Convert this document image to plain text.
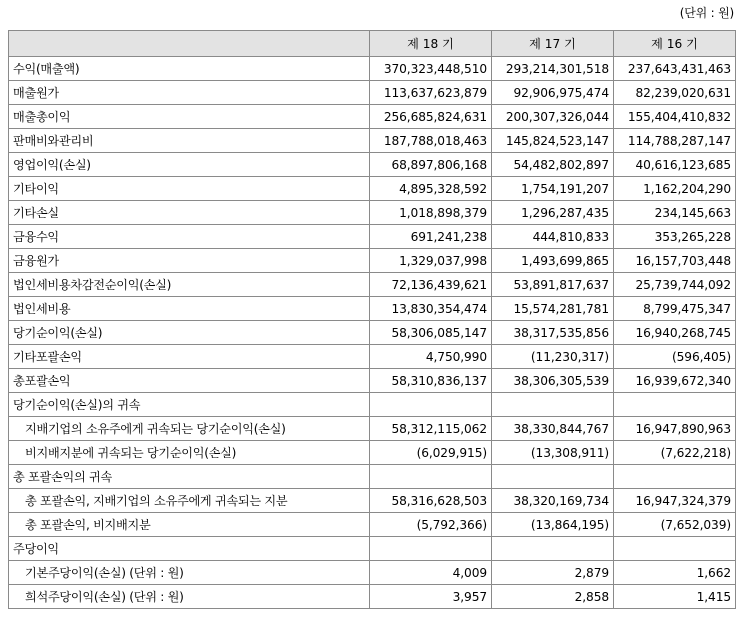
(단위 : 원)
	제 18 기	제 17 기	제 16 기
수익(매출액)	370,323,448,510	293,214,301,518	237,643,431,463
매출원가	113,637,623,879	92,906,975,474	82,239,020,631
매출총이익	256,685,824,631	200,307,326,044	155,404,410,832
판매비와관리비	187,788,018,463	145,824,523,147	114,788,287,147
영업이익(손실)	68,897,806,168	54,482,802,897	40,616,123,685
기타이익	4,895,328,592	1,754,191,207	1,162,204,290
기타손실	1,018,898,379	1,296,287,435	234,145,663
금융수익	691,241,238	444,810,833	353,265,228
금융원가	1,329,037,998	1,493,699,865	16,157,703,448
법인세비용차감전순이익(손실)	72,136,439,621	53,891,817,637	25,739,744,092
법인세비용	13,830,354,474	15,574,281,781	8,799,475,347
당기순이익(손실)	58,306,085,147	38,317,535,856	16,940,268,745
기타포괄손익	4,750,990	(11,230,317)	(596,405)
총포괄손익	58,310,836,137	38,306,305,539	16,939,672,340
당기순이익(손실)의 귀속			
지배기업의 소유주에게 귀속되는 당기순이익(손실)	58,312,115,062	38,330,844,767	16,947,890,963
비지배지분에 귀속되는 당기순이익(손실)	(6,029,915)	(13,308,911)	(7,622,218)
총 포괄손익의 귀속			
총 포괄손익, 지배기업의 소유주에게 귀속되는 지분	58,316,628,503	38,320,169,734	16,947,324,379
총 포괄손익, 비지배지분	(5,792,366)	(13,864,195)	(7,652,039)
주당이익			
기본주당이익(손실) (단위 : 원)	4,009	2,879	1,662
희석주당이익(손실) (단위 : 원)	3,957	2,858	1,415
